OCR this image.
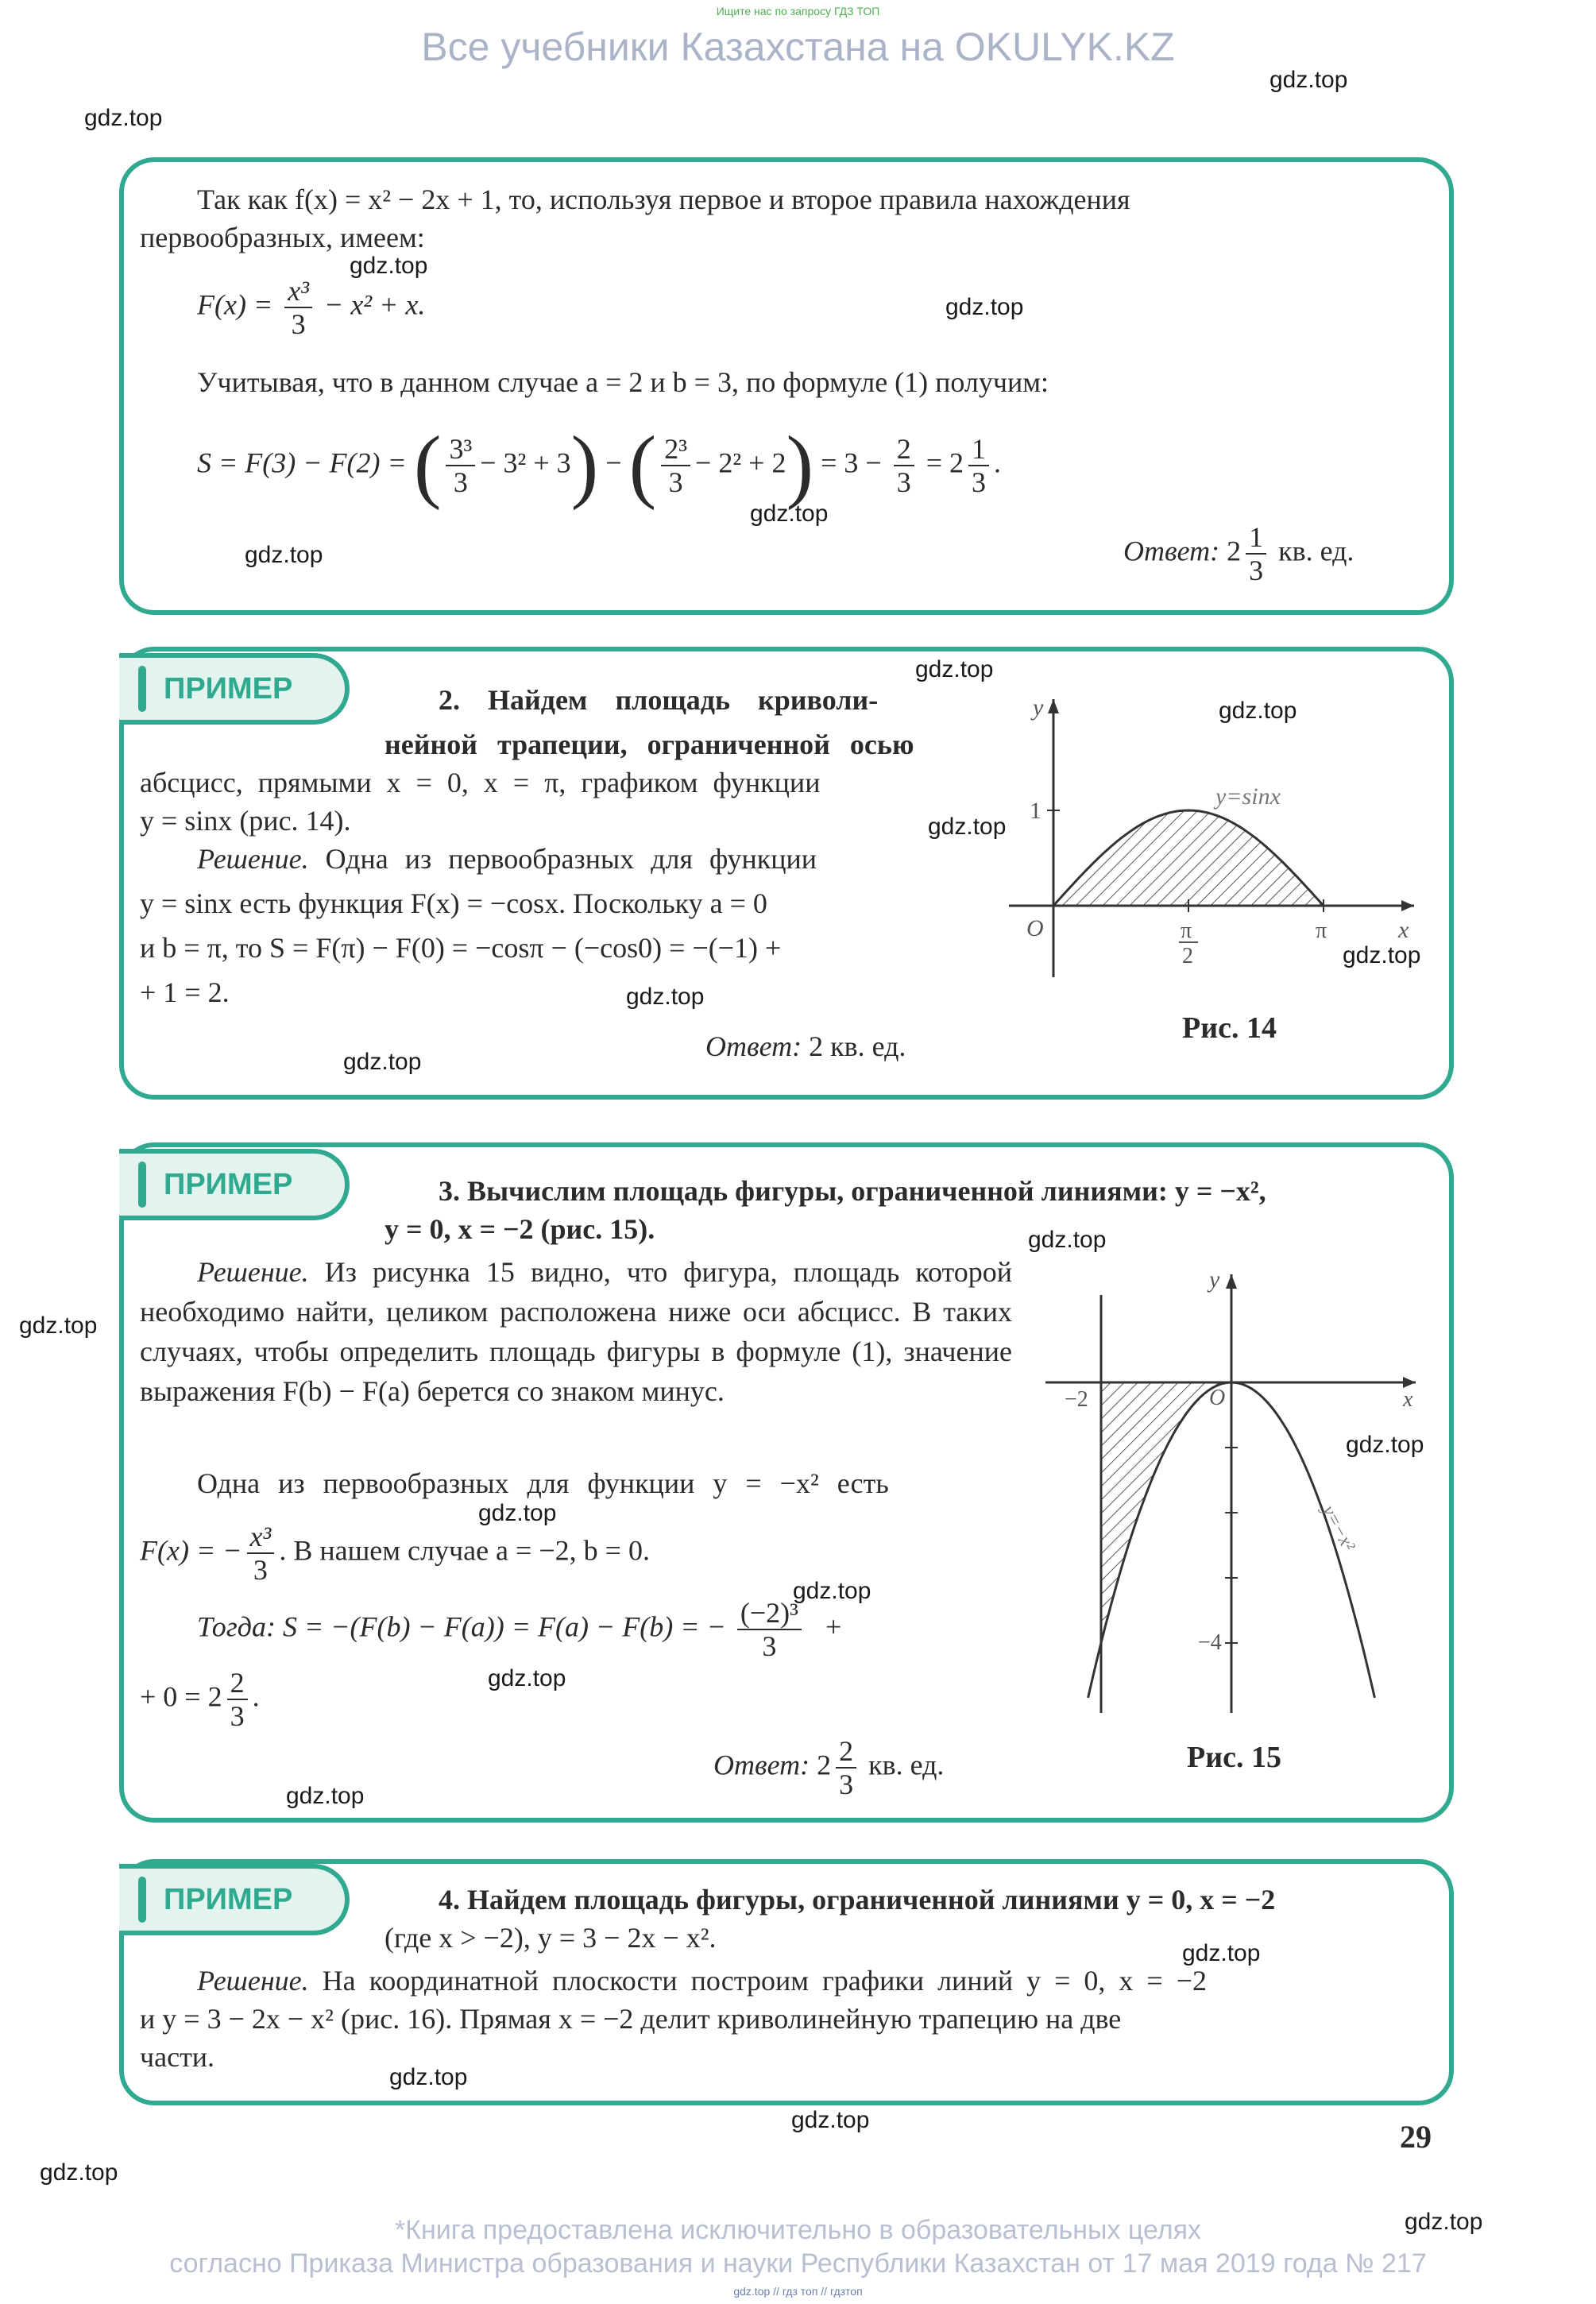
Ищите нас по запросу ГДЗ ТОП
Все учебники Казахстана на OKULYK.KZ
gdz.top
gdz.top
gdz.top
gdz.top
gdz.top
gdz.top
gdz.top
gdz.top
gdz.top
gdz.top
gdz.top
gdz.top
gdz.top
gdz.top
gdz.top
gdz.top
gdz.top
gdz.top
gdz.top
gdz.top
gdz.top
gdz.top
gdz.top
gdz.top
Так как f(x) = x² − 2x + 1, то, используя первое и второе правила нахождения
первообразных, имеем:
$F(x) = \frac{\text{x³}}{3} - x^2 + x$.
Учитывая, что в данном случае a = 2 и b = 3, по формуле (1) получим:
S = F(3) − F(2) = ( $\frac{\text{3³}}{3} - 3^2 + 3$) − ( $\frac{\text{2³}}{3} - 2^2 + 2) = 3 - \frac{2}{3} = 2 \frac{1}{3}$ .
Ответ: $2 \frac{1}{3}$ кв. ед.
ПРИМЕР	2. Найдем площадь криволи-
нейной трапеции, ограниченной осью
абсцисс, прямыми x = 0, x = π, графиком функции
y = sinx (рис. 14).
Решение. Одна из первообразных для функции
y = sinx есть функция F(x) = −cosx. Поскольку a = 0
и b = π, то S = F(π) − F(0) = −cosπ − (−cos0) = −(−1) +
+ 1 = 2.
Ответ: 2 кв. ед.
y
x
O
1
π
2
π
y=sinx
Рис. 14
ПРИМЕР	3. Вычислим площадь фигуры, ограниченной линиями: y = −x²,
y = 0, x = −2 (рис. 15).
Решение. Из рисунка 15 видно, что фигура, площадь которой необходимо найти, целиком расположена ниже оси абсцисс. В таких случаях, чтобы определить площадь фигуры в формуле (1), значение выражения F(b) − F(a) берется со знаком минус.
Одна из первообразных для функции y = −x² есть
F(x) = − $\frac{\text{x³}}{3}$ . В нашем случае a = −2, b = 0.
Тогда: S = −(F(b) − F(a)) = F(a) − F(b) = − $\frac{\text{(−2)³}}{3}$ +
+ $0 = 2 \frac{2}{3}$ .
Ответ: $2 \frac{2}{3}$ кв. ед.
y
x
O
−2
−4
y=−x²
Рис. 15
ПРИМЕР	4. Найдем площадь фигуры, ограниченной линиями y = 0, x = −2
(где x > −2), y = 3 − 2x − x².
Решение. На координатной плоскости построим графики линий y = 0, x = −2
и y = 3 − 2x − x² (рис. 16). Прямая x = −2 делит криволинейную трапецию на две
части.
29
*Книга предоставлена исключительно в образовательных целях
согласно Приказа Министра образования и науки Республики Казахстан от 17 мая 2019 года № 217
gdz.top // гдз топ // гдзтоп
